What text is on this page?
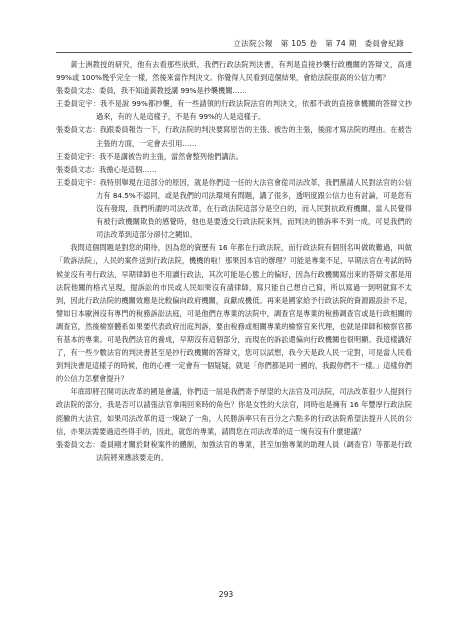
立法院公報　第 105 卷　第 74 期　委員會紀錄

黃士洲教授的研究，他有去看那些狀紙，我們行政法院判決書，有判是直接抄襲行政機關的答辯文，高達 99%或 100%幾乎完全一樣，然後來當作判決文。你覺得人民看到這個結果，會給法院很高的公信力嗎？

張委員文志：委員，我不知道黃教授講 99%是抄襲機關……

王委員定宇：我不是說 99%都抄襲，有一些請領的行政法院法官的判決文，依那不政的直接拿機關的答辯文抄過來，有的人是這樣子，不是有 99%的人是這樣子。

張委員文志：我跟委員報告一下，行政法院的判決要寫原告的主張、被告的主張，後面才寫法院的理由。在被告主張的方面，一定會去引用……

王委員定宇：我不是講被告的主張，當然會整列他們講法。

張委員文志：我擔心是這個……

王委員定宇：我特別舉現在這部分的原因，就是你們這一任的大法官會從司法改革，我們黨請人民對法官的公信力有 84.5%不認同，或是我們的司法環境有問題，講了很多，透明度跟公信力也有討論，可是您有沒有發現，我們所謂的司法改革，在行政法院這部分是空白的，而人民對抗政府機關，當人民覺得有被行政機關欺負的感覺時，他也是要透交行政法院來判，而判決的勝訴率不到一成，可見我們的司法改革到這部分卻付之闕如。

我問這個問題是對您的期待，因為您的資歷有 16 年都在行政法院，而行政法院有個別名叫做敗難過，叫做「敗訴法院」，人民的案件送到行政法院，機機的啦！那果因本官的辦理？可能是專業不足，早期法官在考試的時候並沒有考行政法，早期律師也不用讀行政法，其次可能是心態上的偏好，因為行政機關寫出來的答辯文都是用法院他關的格式呈現，提訴訟的市民或人民如果沒有請律師，寫只能自己想自己寫，所以寫過一到明就寫不太到，因此行政法院的機關效應是比較偏向政府機關，貢獻成機低。再來是國家給予行政法院的資源跟設計不足，譬如日本歐洲沒有專門的稅務訴訟法庭，可是他們在專業的法院中，調查官是專業的稅務調查官或是行政相關的調查官，然後檢察體系如果要代表政府出庭判訴，要由稅務或相關專業的檢察官來代理，也就是律師和檢察官都有基本的專業。可是我們法官的養成，早期沒有這個部分，而現在的訴訟還偏向行政機關也很明顯。我這樣講好了，有一些少數法官的判決書甚至是抄行政機關的答辯文，您可以試想，我今天是政人民一定對，可是當人民看到判決書是這樣子的時候，他的心裡一定會有一個疑疑，就是「你們都是同一國的，我跟你們不一樣。」這樣你們的公信力怎麼會提升？

年底即將召開司法改革的國是會議，你們這一屆是我們寄予厚望的大法官及司法院，司法改革很少人提到行政法院的部分，我是否可以請張法官拿兩回來時的角色？你是女性的大法官，同時也是擁有 16 年豐厚行政法院經驗的大法官，如果司法改革的這一塊缺了一角，人民勝訴率只有百分之六點多的行政法院希望法提升人民的公信，亦果法需要過這些得手的，因此，就您的專業，請問您在司法改革的這一塊有沒有什麼建議？

張委員文志：委員剛才關於財稅案件的體制，加強法官的專業，甚至加強專業的助理人員（調查官）等都是行政法院將來應該要走的。

293
